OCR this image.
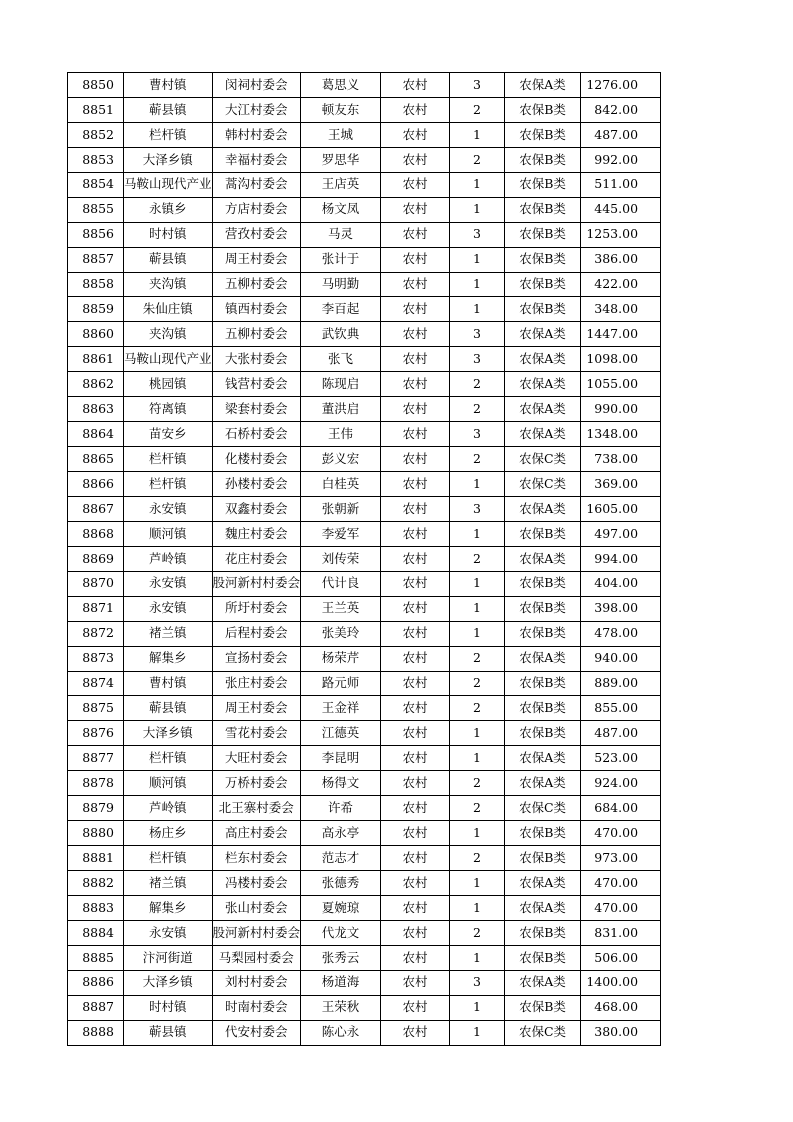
8850	曹村镇	闵祠村委会	葛思义	农村	3	农保A类	1276.00
8851	蕲县镇	大江村委会	顿友东	农村	2	农保B类	842.00
8852	栏杆镇	韩村村委会	王城	农村	1	农保B类	487.00
8853	大泽乡镇	幸福村委会	罗思华	农村	2	农保B类	992.00
8854	马鞍山现代产业	蒿沟村委会	王店英	农村	1	农保B类	511.00
8855	永镇乡	方店村委会	杨文凤	农村	1	农保B类	445.00
8856	时村镇	营孜村委会	马灵	农村	3	农保B类	1253.00
8857	蕲县镇	周王村委会	张计于	农村	1	农保B类	386.00
8858	夹沟镇	五柳村委会	马明勤	农村	1	农保B类	422.00
8859	朱仙庄镇	镇西村委会	李百起	农村	1	农保B类	348.00
8860	夹沟镇	五柳村委会	武钦典	农村	3	农保A类	1447.00
8861	马鞍山现代产业	大张村委会	张飞	农村	3	农保A类	1098.00
8862	桃园镇	钱营村委会	陈现启	农村	2	农保A类	1055.00
8863	符离镇	梁套村委会	董洪启	农村	2	农保A类	990.00
8864	苗安乡	石桥村委会	王伟	农村	3	农保A类	1348.00
8865	栏杆镇	化楼村委会	彭义宏	农村	2	农保C类	738.00
8866	栏杆镇	孙楼村委会	白桂英	农村	1	农保C类	369.00
8867	永安镇	双鑫村委会	张朝新	农村	3	农保A类	1605.00
8868	顺河镇	魏庄村委会	李爱军	农村	1	农保B类	497.00
8869	芦岭镇	花庄村委会	刘传荣	农村	2	农保A类	994.00
8870	永安镇	股河新村村委会	代计良	农村	1	农保B类	404.00
8871	永安镇	所圩村委会	王兰英	农村	1	农保B类	398.00
8872	褚兰镇	后程村委会	张美玲	农村	1	农保B类	478.00
8873	解集乡	宣扬村委会	杨荣芹	农村	2	农保A类	940.00
8874	曹村镇	张庄村委会	路元师	农村	2	农保B类	889.00
8875	蕲县镇	周王村委会	王金祥	农村	2	农保B类	855.00
8876	大泽乡镇	雪花村委会	江德英	农村	1	农保B类	487.00
8877	栏杆镇	大旺村委会	李昆明	农村	1	农保A类	523.00
8878	顺河镇	万桥村委会	杨得文	农村	2	农保A类	924.00
8879	芦岭镇	北王寨村委会	许希	农村	2	农保C类	684.00
8880	杨庄乡	高庄村委会	高永亭	农村	1	农保B类	470.00
8881	栏杆镇	栏东村委会	范志才	农村	2	农保B类	973.00
8882	褚兰镇	冯楼村委会	张德秀	农村	1	农保A类	470.00
8883	解集乡	张山村委会	夏婉琼	农村	1	农保A类	470.00
8884	永安镇	股河新村村委会	代龙文	农村	2	农保B类	831.00
8885	汴河街道	马梨园村委会	张秀云	农村	1	农保B类	506.00
8886	大泽乡镇	刘村村委会	杨道海	农村	3	农保A类	1400.00
8887	时村镇	时南村委会	王荣秋	农村	1	农保B类	468.00
8888	蕲县镇	代安村委会	陈心永	农村	1	农保C类	380.00
